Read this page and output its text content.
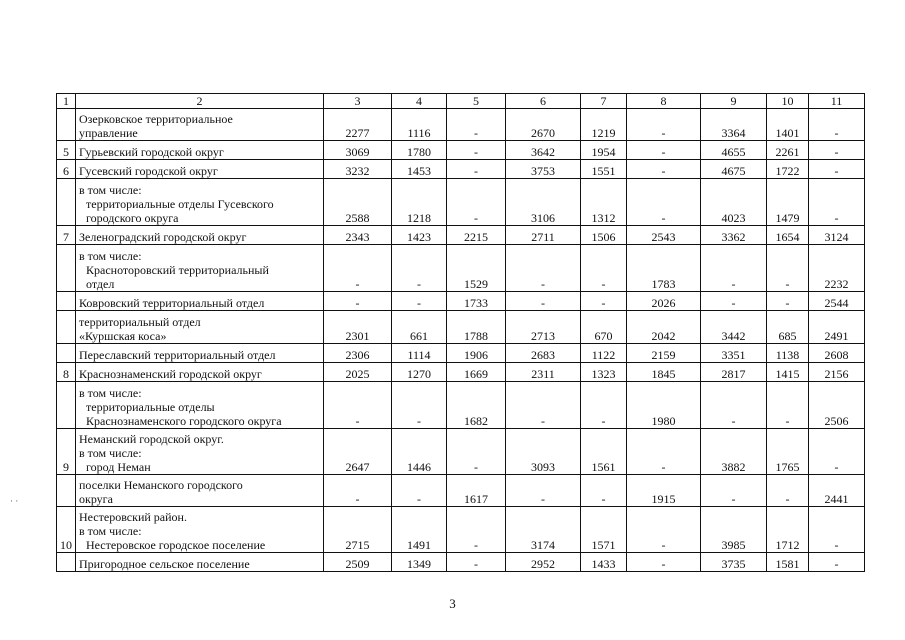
1	2	3	4	5	6	7	8	9	10	11

	Озерковское территориальное
управление	2277	1116	-	2670	1219	-	3364	1401	-
5	Гурьевский городской округ	3069	1780	-	3642	1954	-	4655	2261	-
6	Гусевский городской округ	3232	1453	-	3753	1551	-	4675	1722	-

	в том числе:
территориальные отделы Гусевского
городского округа	2588	1218	-	3106	1312	-	4023	1479	-
7	Зеленоградский городской округ	2343	1423	2215	2711	1506	2543	3362	1654	3124

	в том числе:
Красноторовский территориальный
отдел	-	-	1529	-	-	1783	-	-	2232

	Ковровский территориальный отдел	-	-	1733	-	-	2026	-	-	2544

	территориальный отдел
«Куршская коса»	2301	661	1788	2713	670	2042	3442	685	2491

	Переславский территориальный отдел	2306	1114	1906	2683	1122	2159	3351	1138	2608
8	Краснознаменский городской округ	2025	1270	1669	2311	1323	1845	2817	1415	2156

	в том числе:
территориальные отделы
Краснознаменского городского округа	-	-	1682	-	-	1980	-	-	2506
9	Неманский городской округ.
в том числе:
город Неман	2647	1446	-	3093	1561	-	3882	1765	-

	поселки Неманского городского
округа	-	-	1617	-	-	1915	-	-	2441
10	Нестеровский район.
в том числе:
Нестеровское городское поселение	2715	1491	-	3174	1571	-	3985	1712	-

	Пригородное сельское поселение	2509	1349	-	2952	1433	-	3735	1581	-
3
· ·
